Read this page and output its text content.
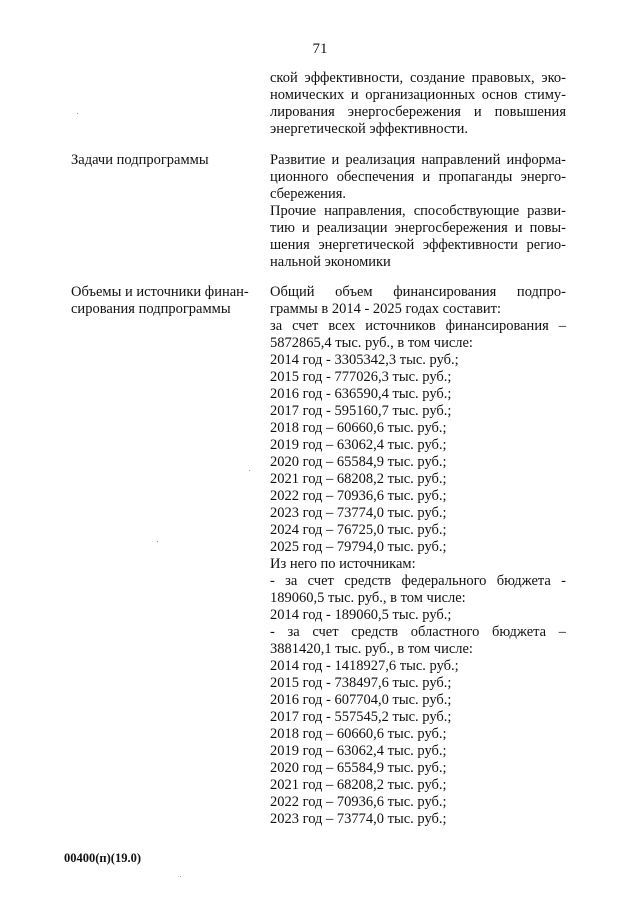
71
ской эффективности, создание правовых, эко-
номических и организационных основ стиму-
лирования энергосбережения и повышения
энергетической эффективности.
Задачи подпрограммы	Развитие и реализация направлений информа-
ционного обеспечения и пропаганды энерго-
сбережения.
Прочие направления, способствующие разви-
тию и реализации энергосбережения и повы-
шения энергетической эффективности регио-
нальной экономики
Объемы и источники финан-
сирования подпрограммы
Общий объем финансирования подпро-
граммы в 2014 - 2025 годах составит:
за счет всех источников финансирования –
5872865,4 тыс. руб., в том числе:
2014 год - 3305342,3 тыс. руб.;
2015 год - 777026,3 тыс. руб.;
2016 год - 636590,4 тыс. руб.;
2017 год - 595160,7 тыс. руб.;
2018 год – 60660,6 тыс. руб.;
2019 год – 63062,4 тыс. руб.;
2020 год – 65584,9 тыс. руб.;
2021 год – 68208,2 тыс. руб.;
2022 год – 70936,6 тыс. руб.;
2023 год – 73774,0 тыс. руб.;
2024 год – 76725,0 тыс. руб.;
2025 год – 79794,0 тыс. руб.;
Из него по источникам:
- за счет средств федерального бюджета -
189060,5 тыс. руб., в том числе:
2014 год - 189060,5 тыс. руб.;
- за счет средств областного бюджета –
3881420,1 тыс. руб., в том числе:
2014 год - 1418927,6 тыс. руб.;
2015 год - 738497,6 тыс. руб.;
2016 год - 607704,0 тыс. руб.;
2017 год - 557545,2 тыс. руб.;
2018 год – 60660,6 тыс. руб.;
2019 год – 63062,4 тыс. руб.;
2020 год – 65584,9 тыс. руб.;
2021 год – 68208,2 тыс. руб.;
2022 год – 70936,6 тыс. руб.;
2023 год – 73774,0 тыс. руб.;
00400(п)(19.0)
